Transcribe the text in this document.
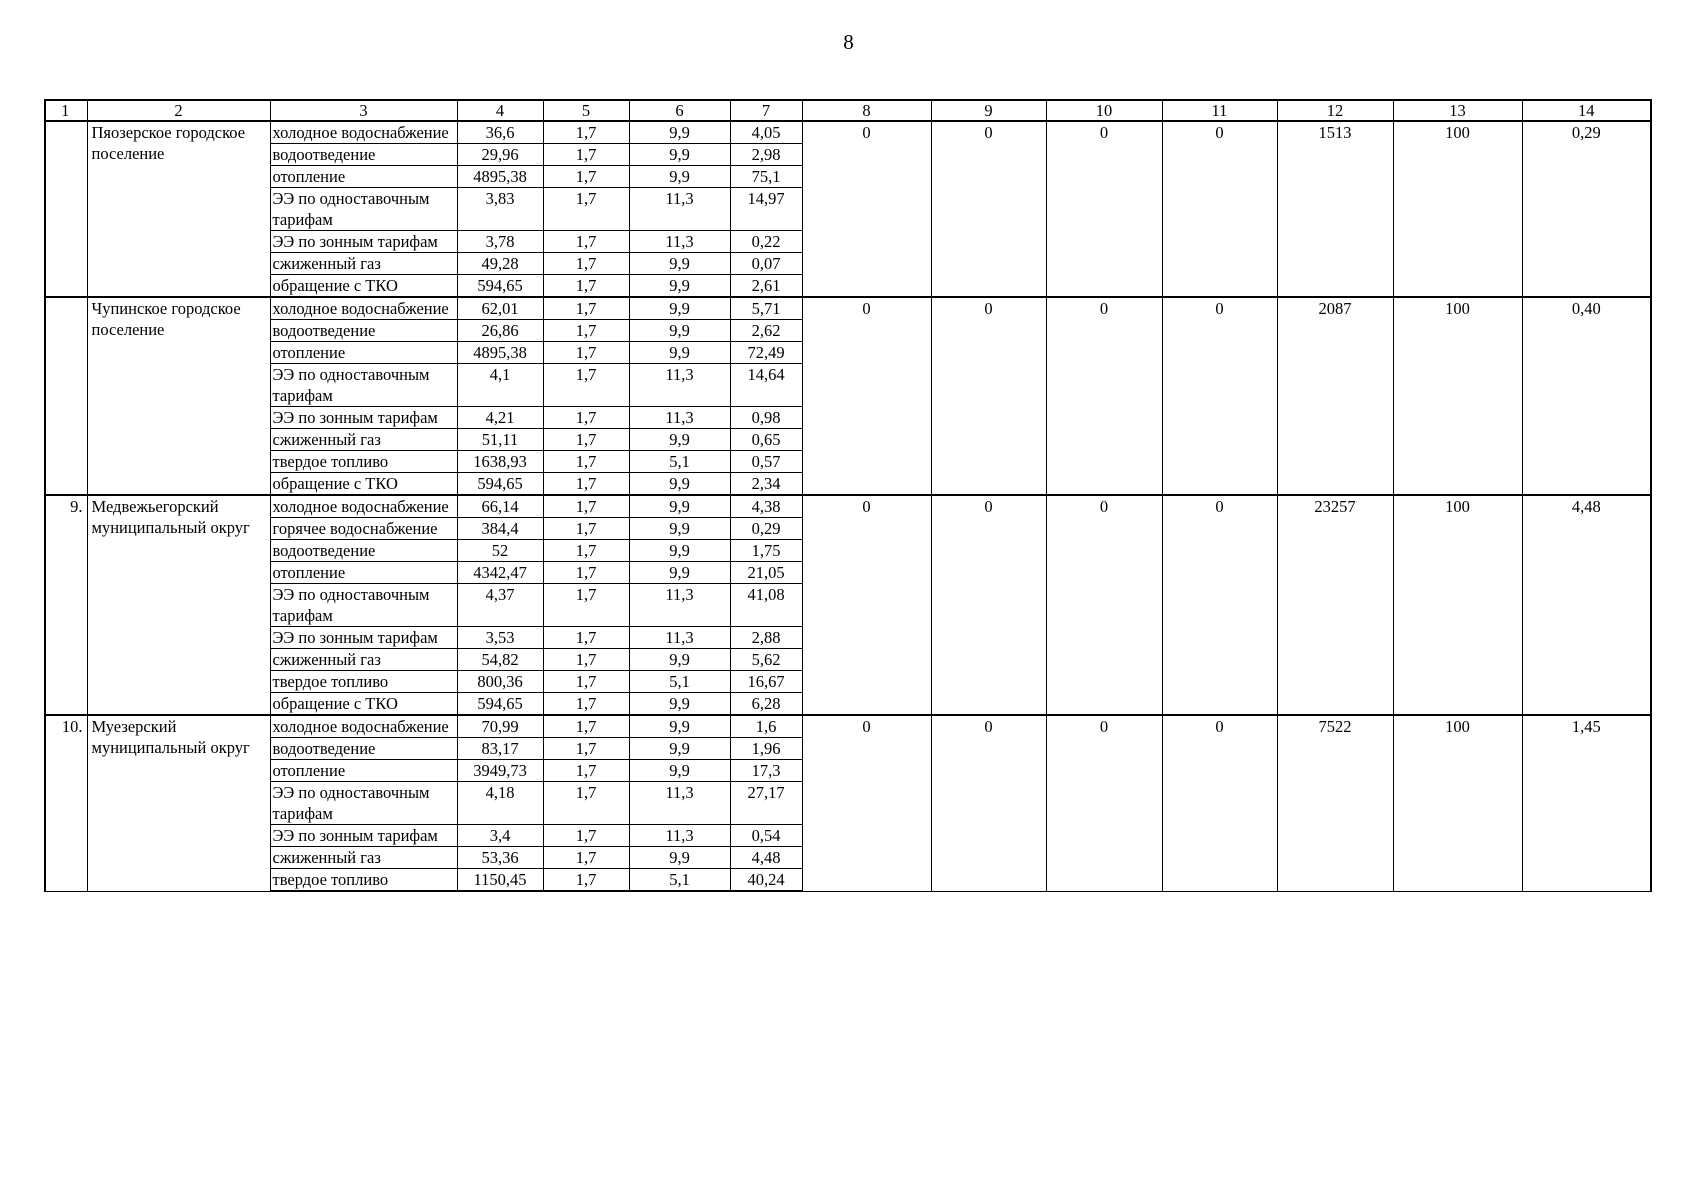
8
1	2	3	4	5	6	7	8	9	10	11	12	13	14
	Пяозерское городское поселение	холодное водоснабжение	36,6	1,7	9,9	4,05	0	0	0	0	1513	100	0,29
		водоотведение	29,96	1,7	9,9	2,98							
		отопление	4895,38	1,7	9,9	75,1							
		ЭЭ по одноставочным тарифам	3,83	1,7	11,3	14,97							
		ЭЭ по зонным тарифам	3,78	1,7	11,3	0,22							
		сжиженный газ	49,28	1,7	9,9	0,07							
		обращение с ТКО	594,65	1,7	9,9	2,61							
	Чупинское городское поселение	холодное водоснабжение	62,01	1,7	9,9	5,71	0	0	0	0	2087	100	0,40
		водоотведение	26,86	1,7	9,9	2,62							
		отопление	4895,38	1,7	9,9	72,49							
		ЭЭ по одноставочным тарифам	4,1	1,7	11,3	14,64							
		ЭЭ по зонным тарифам	4,21	1,7	11,3	0,98							
		сжиженный газ	51,11	1,7	9,9	0,65							
		твердое топливо	1638,93	1,7	5,1	0,57							
		обращение с ТКО	594,65	1,7	9,9	2,34							
9.	Медвежьегорский муниципальный округ	холодное водоснабжение	66,14	1,7	9,9	4,38	0	0	0	0	23257	100	4,48
		горячее водоснабжение	384,4	1,7	9,9	0,29							
		водоотведение	52	1,7	9,9	1,75							
		отопление	4342,47	1,7	9,9	21,05							
		ЭЭ по одноставочным тарифам	4,37	1,7	11,3	41,08							
		ЭЭ по зонным тарифам	3,53	1,7	11,3	2,88							
		сжиженный газ	54,82	1,7	9,9	5,62							
		твердое топливо	800,36	1,7	5,1	16,67							
		обращение с ТКО	594,65	1,7	9,9	6,28							
10.	Муезерский муниципальный округ	холодное водоснабжение	70,99	1,7	9,9	1,6	0	0	0	0	7522	100	1,45
		водоотведение	83,17	1,7	9,9	1,96							
		отопление	3949,73	1,7	9,9	17,3							
		ЭЭ по одноставочным тарифам	4,18	1,7	11,3	27,17							
		ЭЭ по зонным тарифам	3,4	1,7	11,3	0,54							
		сжиженный газ	53,36	1,7	9,9	4,48							
		твердое топливо	1150,45	1,7	5,1	40,24							
